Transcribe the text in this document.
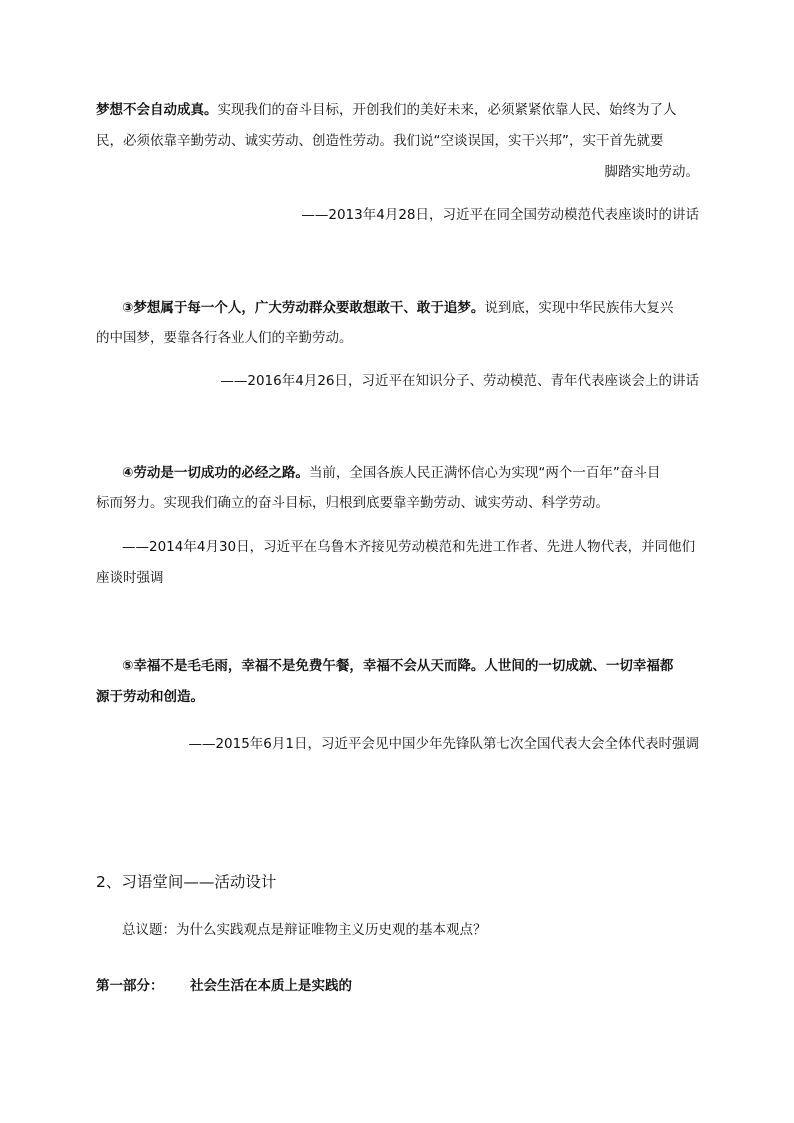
梦想不会自动成真。实现我们的奋斗目标，开创我们的美好未来，必须紧紧依靠人民、始终为了人
民，必须依靠辛勤劳动、诚实劳动、创造性劳动。我们说“空谈误国，实干兴邦”，实干首先就要
脚踏实地劳动。
——2013年4月28日，习近平在同全国劳动模范代表座谈时的讲话
③梦想属于每一个人，广大劳动群众要敢想敢干、敢于追梦。说到底，实现中华民族伟大复兴
的中国梦，要靠各行各业人们的辛勤劳动。
——2016年4月26日，习近平在知识分子、劳动模范、青年代表座谈会上的讲话
④劳动是一切成功的必经之路。当前，全国各族人民正满怀信心为实现“两个一百年”奋斗目
标而努力。实现我们确立的奋斗目标，归根到底要靠辛勤劳动、诚实劳动、科学劳动。
——2014年4月30日，习近平在乌鲁木齐接见劳动模范和先进工作者、先进人物代表，并同他们
座谈时强调
⑤幸福不是毛毛雨，幸福不是免费午餐，幸福不会从天而降。人世间的一切成就、一切幸福都
源于劳动和创造。
——2015年6月1日，习近平会见中国少年先锋队第七次全国代表大会全体代表时强调
2、习语堂间——活动设计
总议题：为什么实践观点是辩证唯物主义历史观的基本观点？
第一部分： 社会生活在本质上是实践的
